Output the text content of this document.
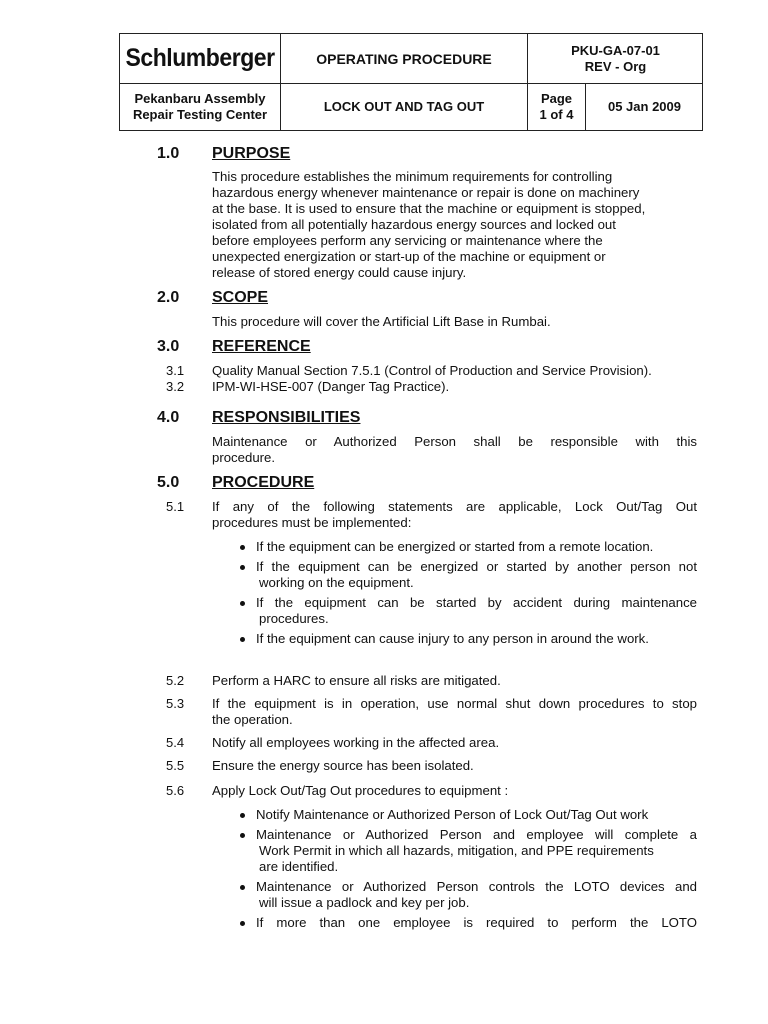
Schlumberger	OPERATING PROCEDURE
PKU-GA-07-01
REV - Org
Pekanbaru Assembly
Repair Testing Center
LOCK OUT AND TAG OUT
Page
1 of 4
05 Jan 2009
1.0 PURPOSE
This procedure establishes the minimum requirements for controlling
hazardous energy whenever maintenance or repair is done on machinery
at the base. It is used to ensure that the machine or equipment is stopped,
isolated from all potentially hazardous energy sources and locked out
before employees perform any servicing or maintenance where the
unexpected energization or start-up of the machine or equipment or
release of stored energy could cause injury.
2.0 SCOPE
This procedure will cover the Artificial Lift Base in Rumbai.
3.0 REFERENCE
3.1 Quality Manual Section 7.5.1 (Control of Production and Service Provision).
3.2 IPM-WI-HSE-007 (Danger Tag Practice).
4.0 RESPONSIBILITIES
Maintenance or Authorized Person shall be responsible with this
procedure.
5.0 PROCEDURE
5.1 If any of the following statements are applicable, Lock Out/Tag Out
procedures must be implemented:
If the equipment can be energized or started from a remote location.
If the equipment can be energized or started by another person not
working on the equipment.
If the equipment can be started by accident during maintenance
procedures.
If the equipment can cause injury to any person in around the work.
5.2 Perform a HARC to ensure all risks are mitigated.
5.3 If the equipment is in operation, use normal shut down procedures to stop
the operation.
5.4 Notify all employees working in the affected area.
5.5 Ensure the energy source has been isolated.
5.6 Apply Lock Out/Tag Out procedures to equipment :
Notify Maintenance or Authorized Person of Lock Out/Tag Out work
Maintenance or Authorized Person and employee will complete a
Work Permit in which all hazards, mitigation, and PPE requirements
are identified.
Maintenance or Authorized Person controls the LOTO devices and
will issue a padlock and key per job.
If more than one employee is required to perform the LOTO
